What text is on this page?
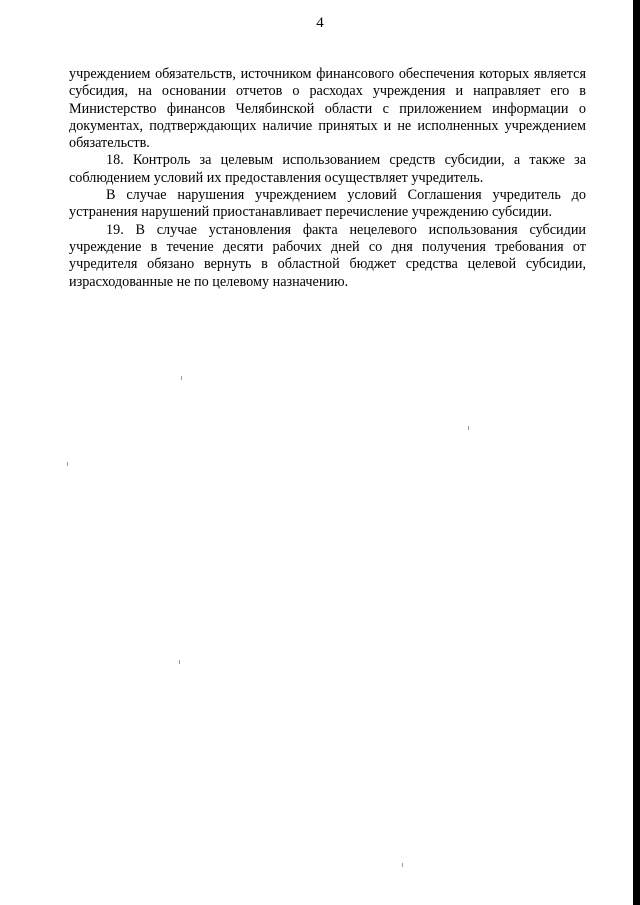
4

учреждением обязательств, источником финансового обеспечения которых является субсидия, на основании отчетов о расходах учреждения и направляет его в Министерство финансов Челябинской области с приложением информации о документах, подтверждающих наличие принятых и не исполненных учреждением обязательств.

18. Контроль за целевым использованием средств субсидии, а также за соблюдением условий их предоставления осуществляет учредитель.

В случае нарушения учреждением условий Соглашения учредитель до устранения нарушений приостанавливает перечисление учреждению субсидии.

19. В случае установления факта нецелевого использования субсидии учреждение в течение десяти рабочих дней со дня получения требования от учредителя обязано вернуть в областной бюджет средства целевой субсидии, израсходованные не по целевому назначению.
